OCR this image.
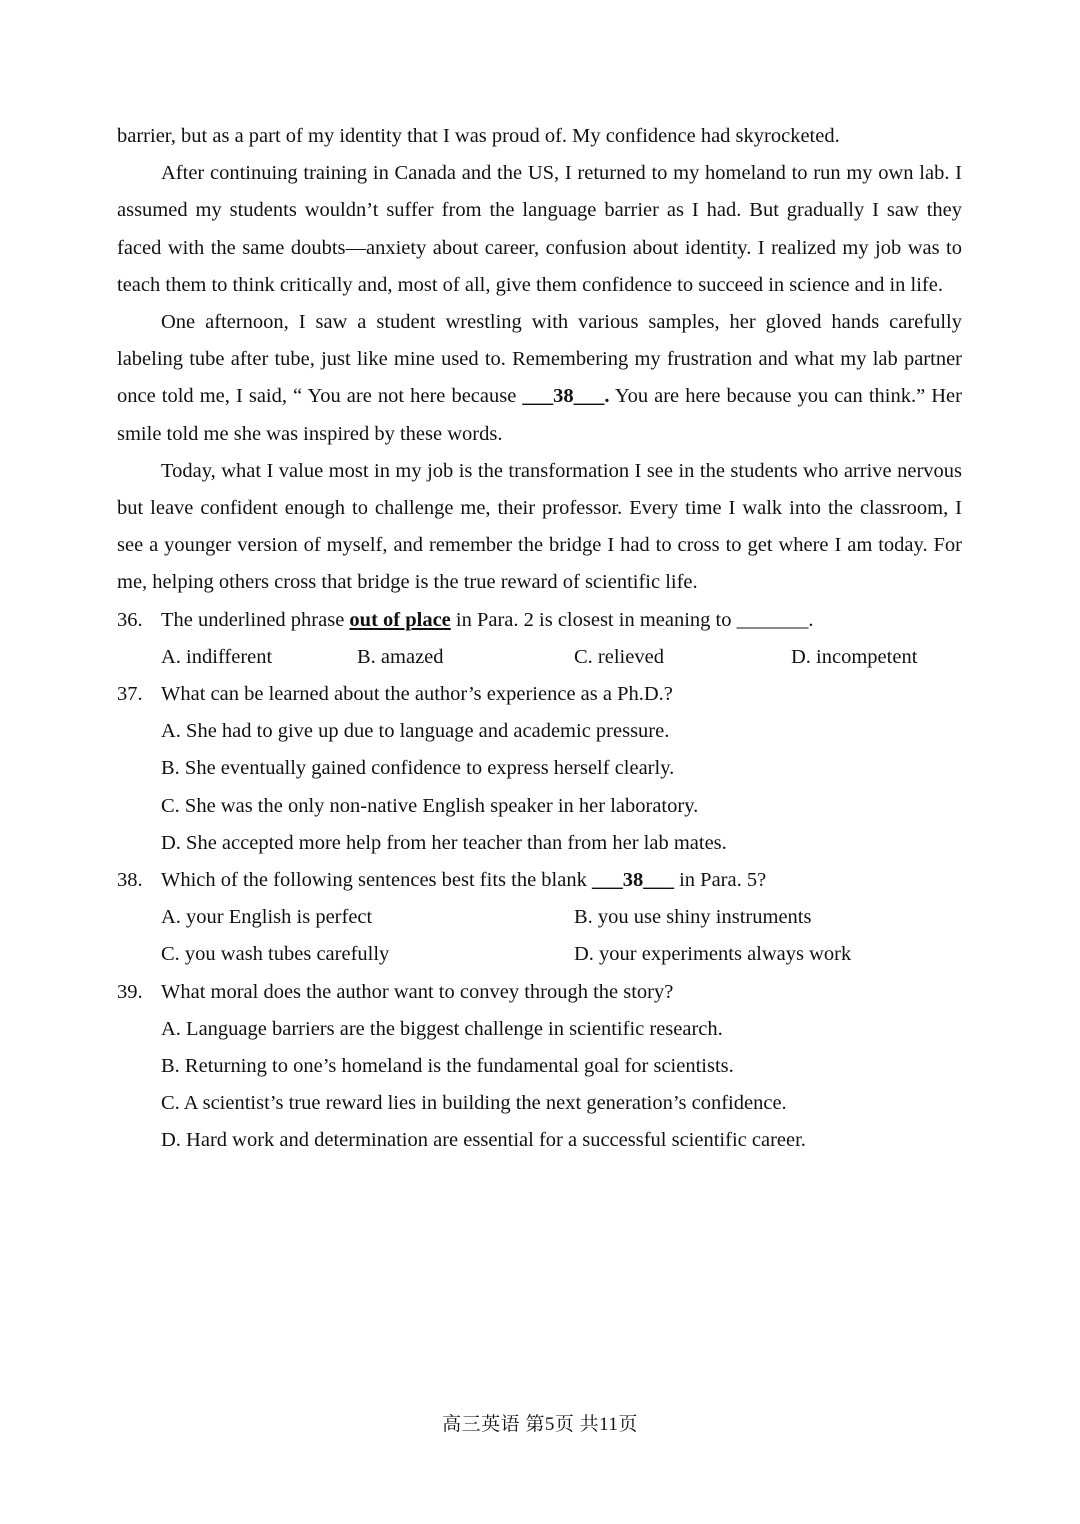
barrier, but as a part of my identity that I was proud of. My confidence had skyrocketed.

After continuing training in Canada and the US, I returned to my homeland to run my own lab. I assumed my students wouldn’t suffer from the language barrier as I had. But gradually I saw they faced with the same doubts—anxiety about career, confusion about identity. I realized my job was to teach them to think critically and, most of all, give them confidence to succeed in science and in life.

One afternoon, I saw a student wrestling with various samples, her gloved hands carefully labeling tube after tube, just like mine used to. Remembering my frustration and what my lab partner once told me, I said, “ You are not here because ___38___. You are here because you can think.” Her smile told me she was inspired by these words.

Today, what I value most in my job is the transformation I see in the students who arrive nervous but leave confident enough to challenge me, their professor. Every time I walk into the classroom, I see a younger version of myself, and remember the bridge I had to cross to get where I am today. For me, helping others cross that bridge is the true reward of scientific life.

36. The underlined phrase out of place in Para. 2 is closest in meaning to _______.

A. indifferent	B. amazed	C. relieved	D. incompetent

37. What can be learned about the author’s experience as a Ph.D.?

A. She had to give up due to language and academic pressure.

B. She eventually gained confidence to express herself clearly.

C. She was the only non-native English speaker in her laboratory.

D. She accepted more help from her teacher than from her lab mates.

38. Which of the following sentences best fits the blank ___38___ in Para. 5?

A. your English is perfect	B. you use shiny instruments

C. you wash tubes carefully	D. your experiments always work

39. What moral does the author want to convey through the story?

A. Language barriers are the biggest challenge in scientific research.

B. Returning to one’s homeland is the fundamental goal for scientists.

C. A scientist’s true reward lies in building the next generation’s confidence.

D. Hard work and determination are essential for a successful scientific career.

高三英语 第5页 共11页
